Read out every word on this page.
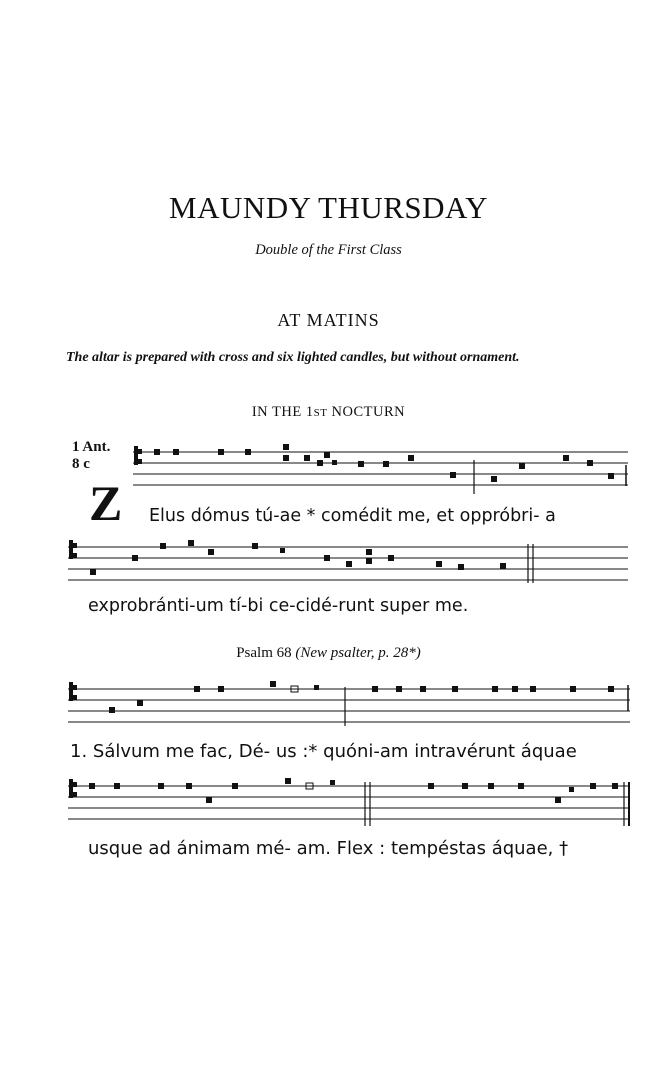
MAUNDY THURSDAY
Double of the First Class
AT MATINS
The altar is prepared with cross and six lighted candles, but without ornament.
IN THE 1ST NOCTURN
1 Ant.
8 c
Z Elus dómus tú-ae * comédit me, et oppróbri- a
exprobránti-um tí-bi ce-cidé-runt super me.
Psalm 68 (New psalter, p. 28*)
1. Sálvum me fac, Dé- us :* quóni-am intravérunt áquae
usque ad ánimam mé- am. Flex : tempéstas áquae, †
